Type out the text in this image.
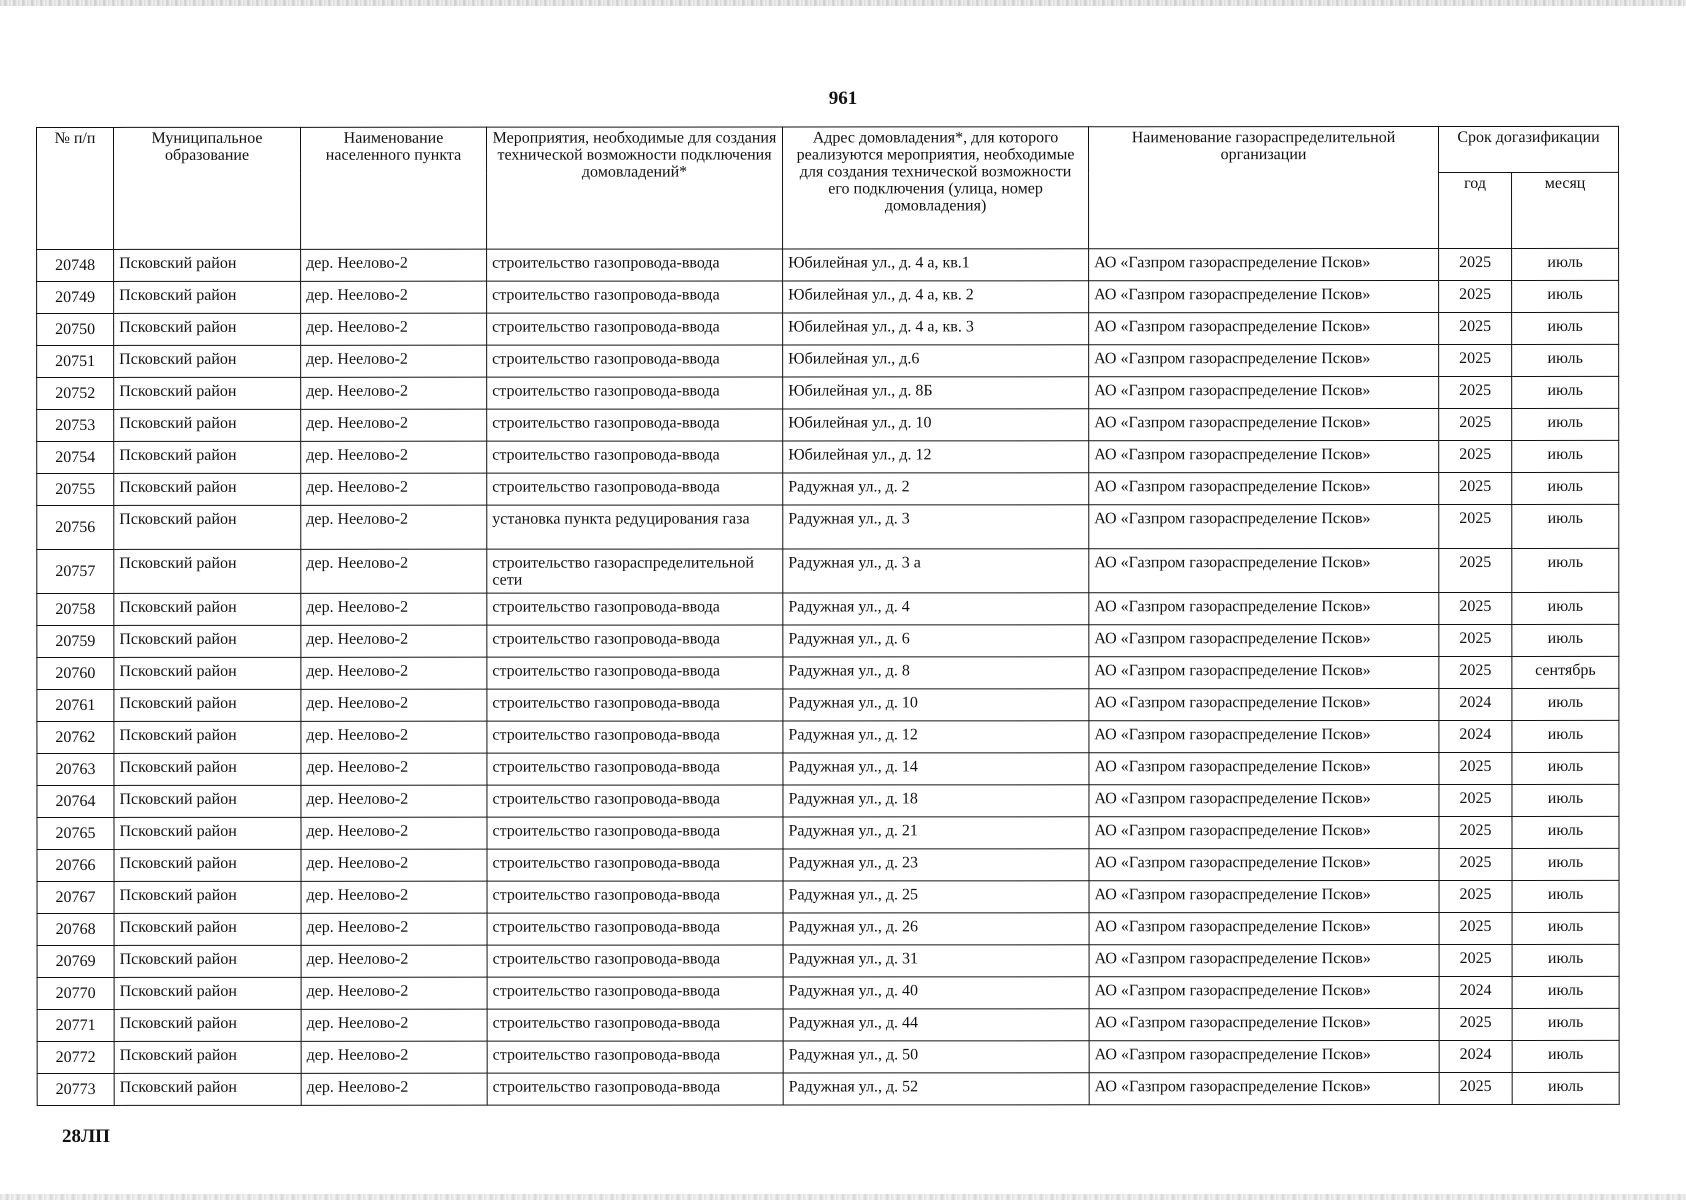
961
№ п/п	Муниципальное образование	Наименование населенного пункта	Мероприятия, необходимые для создания технической возможности подключения домовладений*	Адрес домовладения*, для которого реализуются мероприятия, необходимые для создания технической возможности его подключения (улица, номер домовладения)	Наименование газораспределительной организации	Срок догазификации	
						год	месяц
20748	Псковский район	дер. Неелово-2	строительство газопровода-ввода	Юбилейная ул., д. 4 а, кв.1	АО «Газпром газораспределение Псков»	2025	июль
20749	Псковский район	дер. Неелово-2	строительство газопровода-ввода	Юбилейная ул., д. 4 а, кв. 2	АО «Газпром газораспределение Псков»	2025	июль
20750	Псковский район	дер. Неелово-2	строительство газопровода-ввода	Юбилейная ул., д. 4 а, кв. 3	АО «Газпром газораспределение Псков»	2025	июль
20751	Псковский район	дер. Неелово-2	строительство газопровода-ввода	Юбилейная ул., д.6	АО «Газпром газораспределение Псков»	2025	июль
20752	Псковский район	дер. Неелово-2	строительство газопровода-ввода	Юбилейная ул., д. 8Б	АО «Газпром газораспределение Псков»	2025	июль
20753	Псковский район	дер. Неелово-2	строительство газопровода-ввода	Юбилейная ул., д. 10	АО «Газпром газораспределение Псков»	2025	июль
20754	Псковский район	дер. Неелово-2	строительство газопровода-ввода	Юбилейная ул., д. 12	АО «Газпром газораспределение Псков»	2025	июль
20755	Псковский район	дер. Неелово-2	строительство газопровода-ввода	Радужная ул., д. 2	АО «Газпром газораспределение Псков»	2025	июль
20756	Псковский район	дер. Неелово-2	установка пункта редуцирования газа	Радужная ул., д. 3	АО «Газпром газораспределение Псков»	2025	июль
20757	Псковский район	дер. Неелово-2	строительство газораспределительной сети	Радужная ул., д. 3 а	АО «Газпром газораспределение Псков»	2025	июль
20758	Псковский район	дер. Неелово-2	строительство газопровода-ввода	Радужная ул., д. 4	АО «Газпром газораспределение Псков»	2025	июль
20759	Псковский район	дер. Неелово-2	строительство газопровода-ввода	Радужная ул., д. 6	АО «Газпром газораспределение Псков»	2025	июль
20760	Псковский район	дер. Неелово-2	строительство газопровода-ввода	Радужная ул., д. 8	АО «Газпром газораспределение Псков»	2025	сентябрь
20761	Псковский район	дер. Неелово-2	строительство газопровода-ввода	Радужная ул., д. 10	АО «Газпром газораспределение Псков»	2024	июль
20762	Псковский район	дер. Неелово-2	строительство газопровода-ввода	Радужная ул., д. 12	АО «Газпром газораспределение Псков»	2024	июль
20763	Псковский район	дер. Неелово-2	строительство газопровода-ввода	Радужная ул., д. 14	АО «Газпром газораспределение Псков»	2025	июль
20764	Псковский район	дер. Неелово-2	строительство газопровода-ввода	Радужная ул., д. 18	АО «Газпром газораспределение Псков»	2025	июль
20765	Псковский район	дер. Неелово-2	строительство газопровода-ввода	Радужная ул., д. 21	АО «Газпром газораспределение Псков»	2025	июль
20766	Псковский район	дер. Неелово-2	строительство газопровода-ввода	Радужная ул., д. 23	АО «Газпром газораспределение Псков»	2025	июль
20767	Псковский район	дер. Неелово-2	строительство газопровода-ввода	Радужная ул., д. 25	АО «Газпром газораспределение Псков»	2025	июль
20768	Псковский район	дер. Неелово-2	строительство газопровода-ввода	Радужная ул., д. 26	АО «Газпром газораспределение Псков»	2025	июль
20769	Псковский район	дер. Неелово-2	строительство газопровода-ввода	Радужная ул., д. 31	АО «Газпром газораспределение Псков»	2025	июль
20770	Псковский район	дер. Неелово-2	строительство газопровода-ввода	Радужная ул., д. 40	АО «Газпром газораспределение Псков»	2024	июль
20771	Псковский район	дер. Неелово-2	строительство газопровода-ввода	Радужная ул., д. 44	АО «Газпром газораспределение Псков»	2025	июль
20772	Псковский район	дер. Неелово-2	строительство газопровода-ввода	Радужная ул., д. 50	АО «Газпром газораспределение Псков»	2024	июль
20773	Псковский район	дер. Неелово-2	строительство газопровода-ввода	Радужная ул., д. 52	АО «Газпром газораспределение Псков»	2025	июль
28ЛП
